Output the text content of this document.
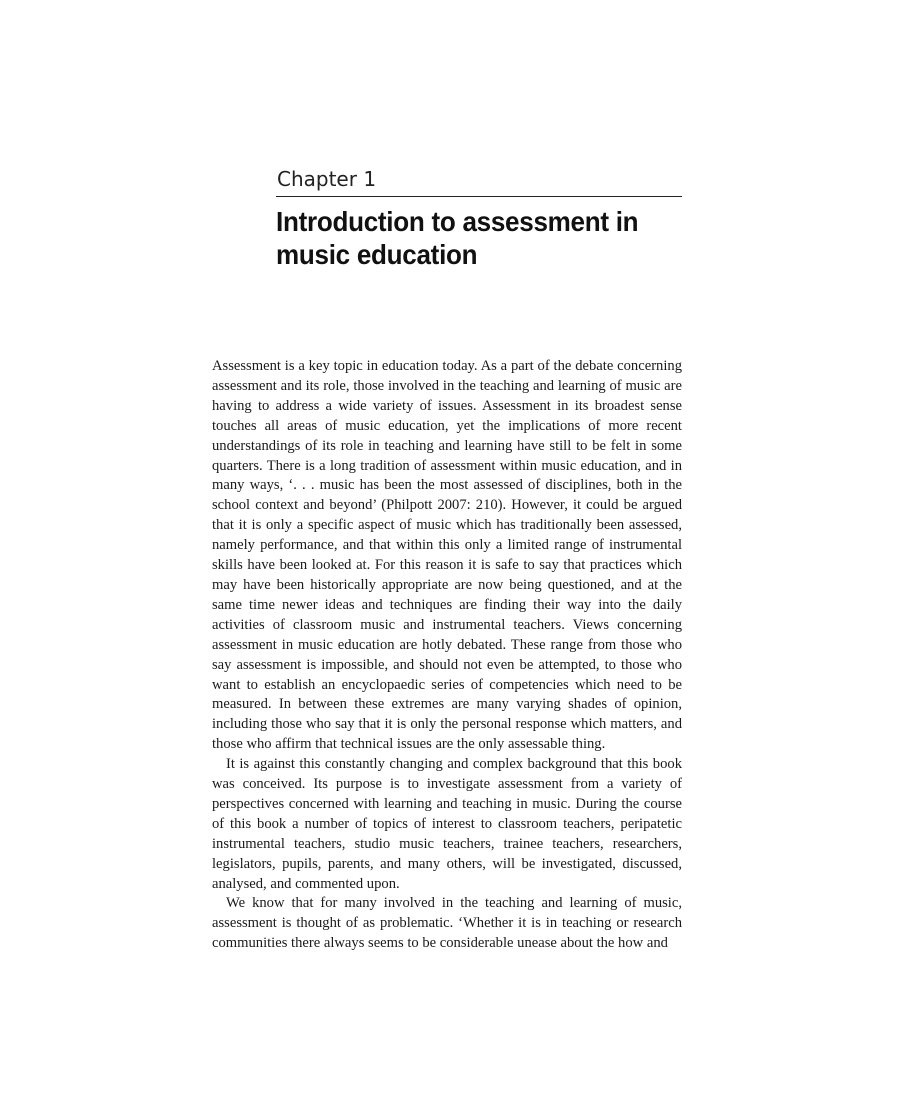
Chapter 1
Introduction to assessment in music education

Assessment is a key topic in education today. As a part of the debate concerning assessment and its role, those involved in the teaching and learning of music are having to address a wide variety of issues. Assessment in its broadest sense touches all areas of music education, yet the implications of more recent understandings of its role in teaching and learning have still to be felt in some quarters. There is a long tradition of assessment within music education, and in many ways, ‘. . . music has been the most assessed of disciplines, both in the school context and beyond’ (Philpott 2007: 210). However, it could be argued that it is only a specific aspect of music which has traditionally been assessed, namely performance, and that within this only a limited range of instrumental skills have been looked at. For this reason it is safe to say that practices which may have been historically appropriate are now being questioned, and at the same time newer ideas and techniques are finding their way into the daily activities of classroom music and instrumental teachers. Views concerning assessment in music education are hotly debated. These range from those who say assessment is impossible, and should not even be attempted, to those who want to establish an encyclopaedic series of competencies which need to be measured. In between these extremes are many varying shades of opinion, including those who say that it is only the personal response which matters, and those who affirm that technical issues are the only assessable thing.

It is against this constantly changing and complex background that this book was conceived. Its purpose is to investigate assessment from a variety of perspectives concerned with learning and teaching in music. During the course of this book a number of topics of interest to classroom teachers, peripatetic instrumental teachers, studio music teachers, trainee teachers, researchers, legislators, pupils, parents, and many others, will be investigated, discussed, analysed, and commented upon.

We know that for many involved in the teaching and learning of music, assessment is thought of as problematic. ‘Whether it is in teaching or research communities there always seems to be considerable unease about the how and
